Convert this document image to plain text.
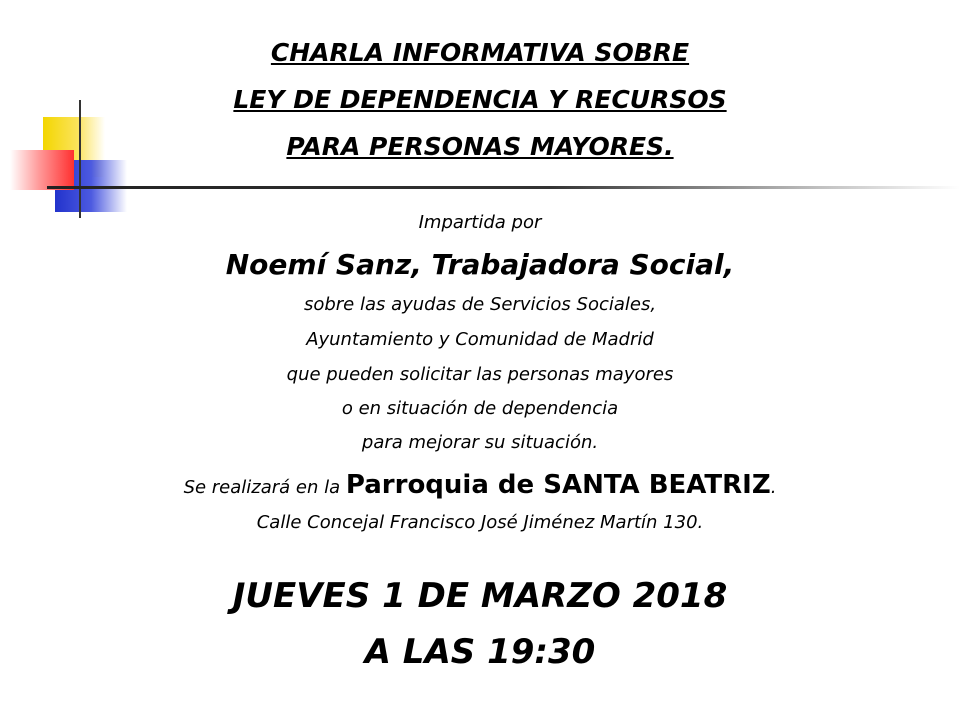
CHARLA INFORMATIVA SOBRE
LEY DE DEPENDENCIA Y RECURSOS
PARA PERSONAS MAYORES.
Impartida por
Noemí Sanz, Trabajadora Social,
sobre las ayudas de Servicios Sociales,
Ayuntamiento y Comunidad de Madrid
que pueden solicitar las personas mayores
o en situación de dependencia
para mejorar su situación.
Se realizará en la Parroquia de SANTA BEATRIZ.
Calle Concejal Francisco José Jiménez Martín 130.
JUEVES 1 DE MARZO 2018
A LAS 19:30
